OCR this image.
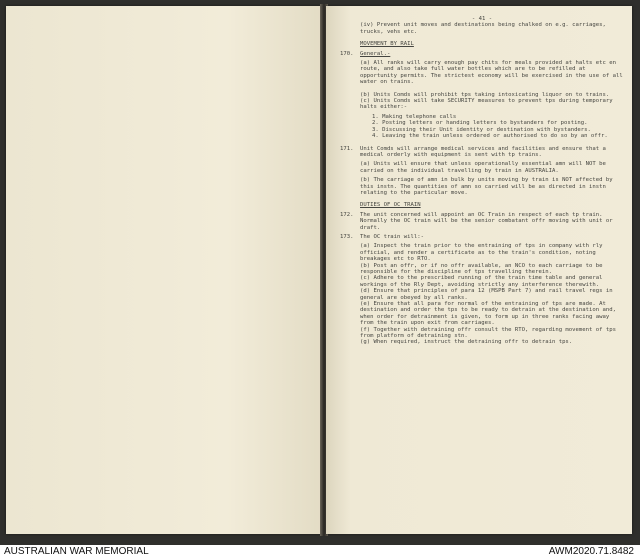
- 41 -
(iv) Prevent unit moves and destinations being chalked on e.g. carriages, trucks, vehs etc.
MOVEMENT BY RAIL
170.	General.-
(a) All ranks will carry enough pay chits for meals provided at halts etc en route, and also take full water bottles which are to be refilled at opportunity permits. The strictest economy will be exercised in the use of all water on trains.
(b) Units Comds will prohibit tps taking intoxicating liquor on to trains.
(c) Units Comds will take SECURITY measures to prevent tps during temporary halts either:-
1. Making telephone calls
2. Posting letters or handing letters to bystanders for posting.
3. Discussing their Unit identity or destination with bystanders.
4. Leaving the train unless ordered or authorised to do so by an offr.
171.	Unit Comds will arrange medical services and facilities and ensure that a medical orderly with equipment is sent with tp trains.
(a) Units will ensure that unless operationally essential amn will NOT be carried on the individual travelling by train in AUSTRALIA.
(b) The carriage of amn in bulk by units moving by train is NOT affected by this instn. The quantities of amn so carried will be as directed in instn relating to the particular move.
DUTIES OF OC TRAIN
172.	The unit concerned will appoint an OC Train in respect of each tp train. Normally the OC train will be the senior combatant offr moving with unit or draft.
173.	The OC train will:-
(a) Inspect the train prior to the entraining of tps in company with rly official, and render a certificate as to the train's condition, noting breakages etc to RTO.
(b) Post an offr, or if no offr available, an NCO to each carriage to be responsible for the discipline of tps travelling therein.
(c) Adhere to the prescribed running of the train time table and general workings of the Rly Dept, avoiding strictly any interference therewith.
(d) Ensure that principles of para 12 (MSPB Part 7) and rail travel regs in general are obeyed by all ranks.
(e) Ensure that all para for normal of the entraining of tps are made. At destination and order the tps to be ready to detrain at the destination and, when order for detrainment is given, to form up in three ranks facing away from the train upon exit from carriages.
(f) Together with detraining offr consult the RTO, regarding movement of tps from platform of detraining stn.
(g) When required, instruct the detraining offr to detrain tps.
AUSTRALIAN WAR MEMORIAL	AWM2020.71.8482
